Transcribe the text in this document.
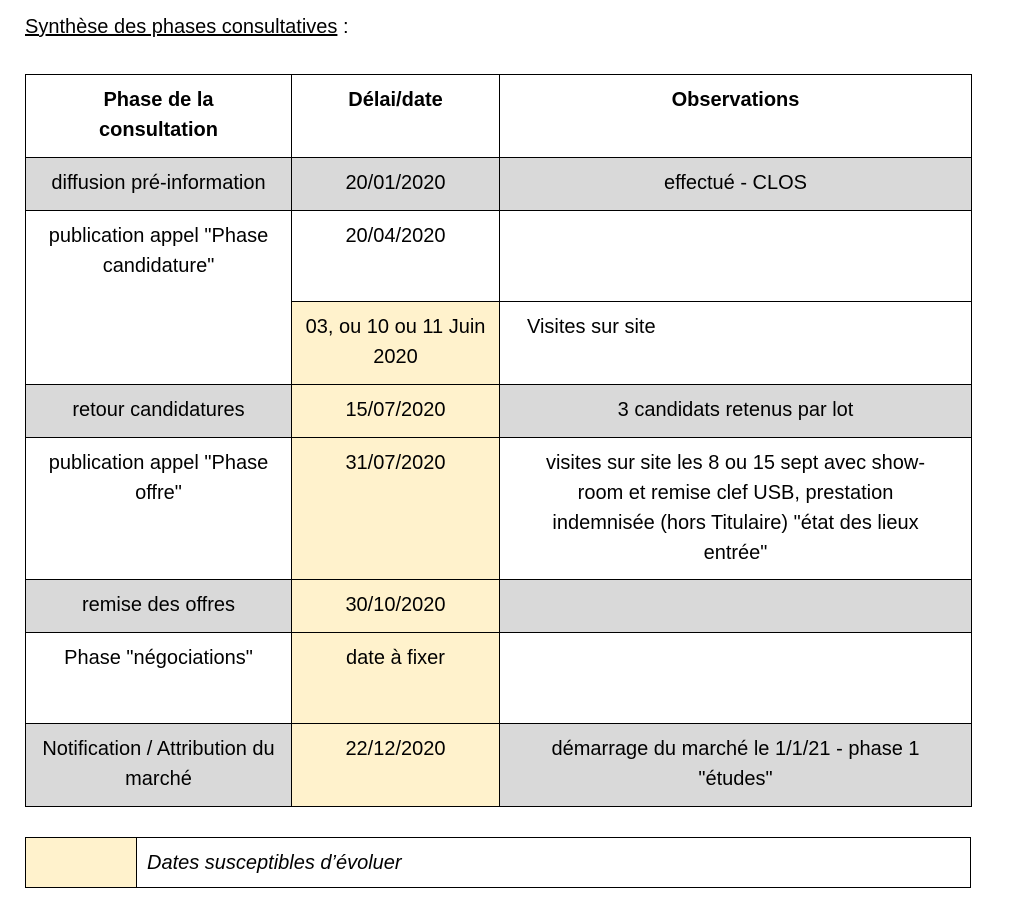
Synthèse des phases consultatives :

Phase de la consultation	Délai/date	Observations
diffusion pré-information	20/01/2020	effectué - CLOS
publication appel "Phase candidature"	20/04/2020	
	03, ou 10 ou 11 Juin 2020	Visites sur site
retour candidatures	15/07/2020	3 candidats retenus par lot
publication appel "Phase offre"	31/07/2020	visites sur site les 8 ou 15 sept avec show-room et remise clef USB, prestation indemnisée (hors Titulaire) "état des lieux entrée"
remise des offres	30/10/2020	
Phase "négociations"	date à fixer	
Notification / Attribution du marché	22/12/2020	démarrage du marché le 1/1/21 - phase 1 "études"
	Dates susceptibles d’évoluer
